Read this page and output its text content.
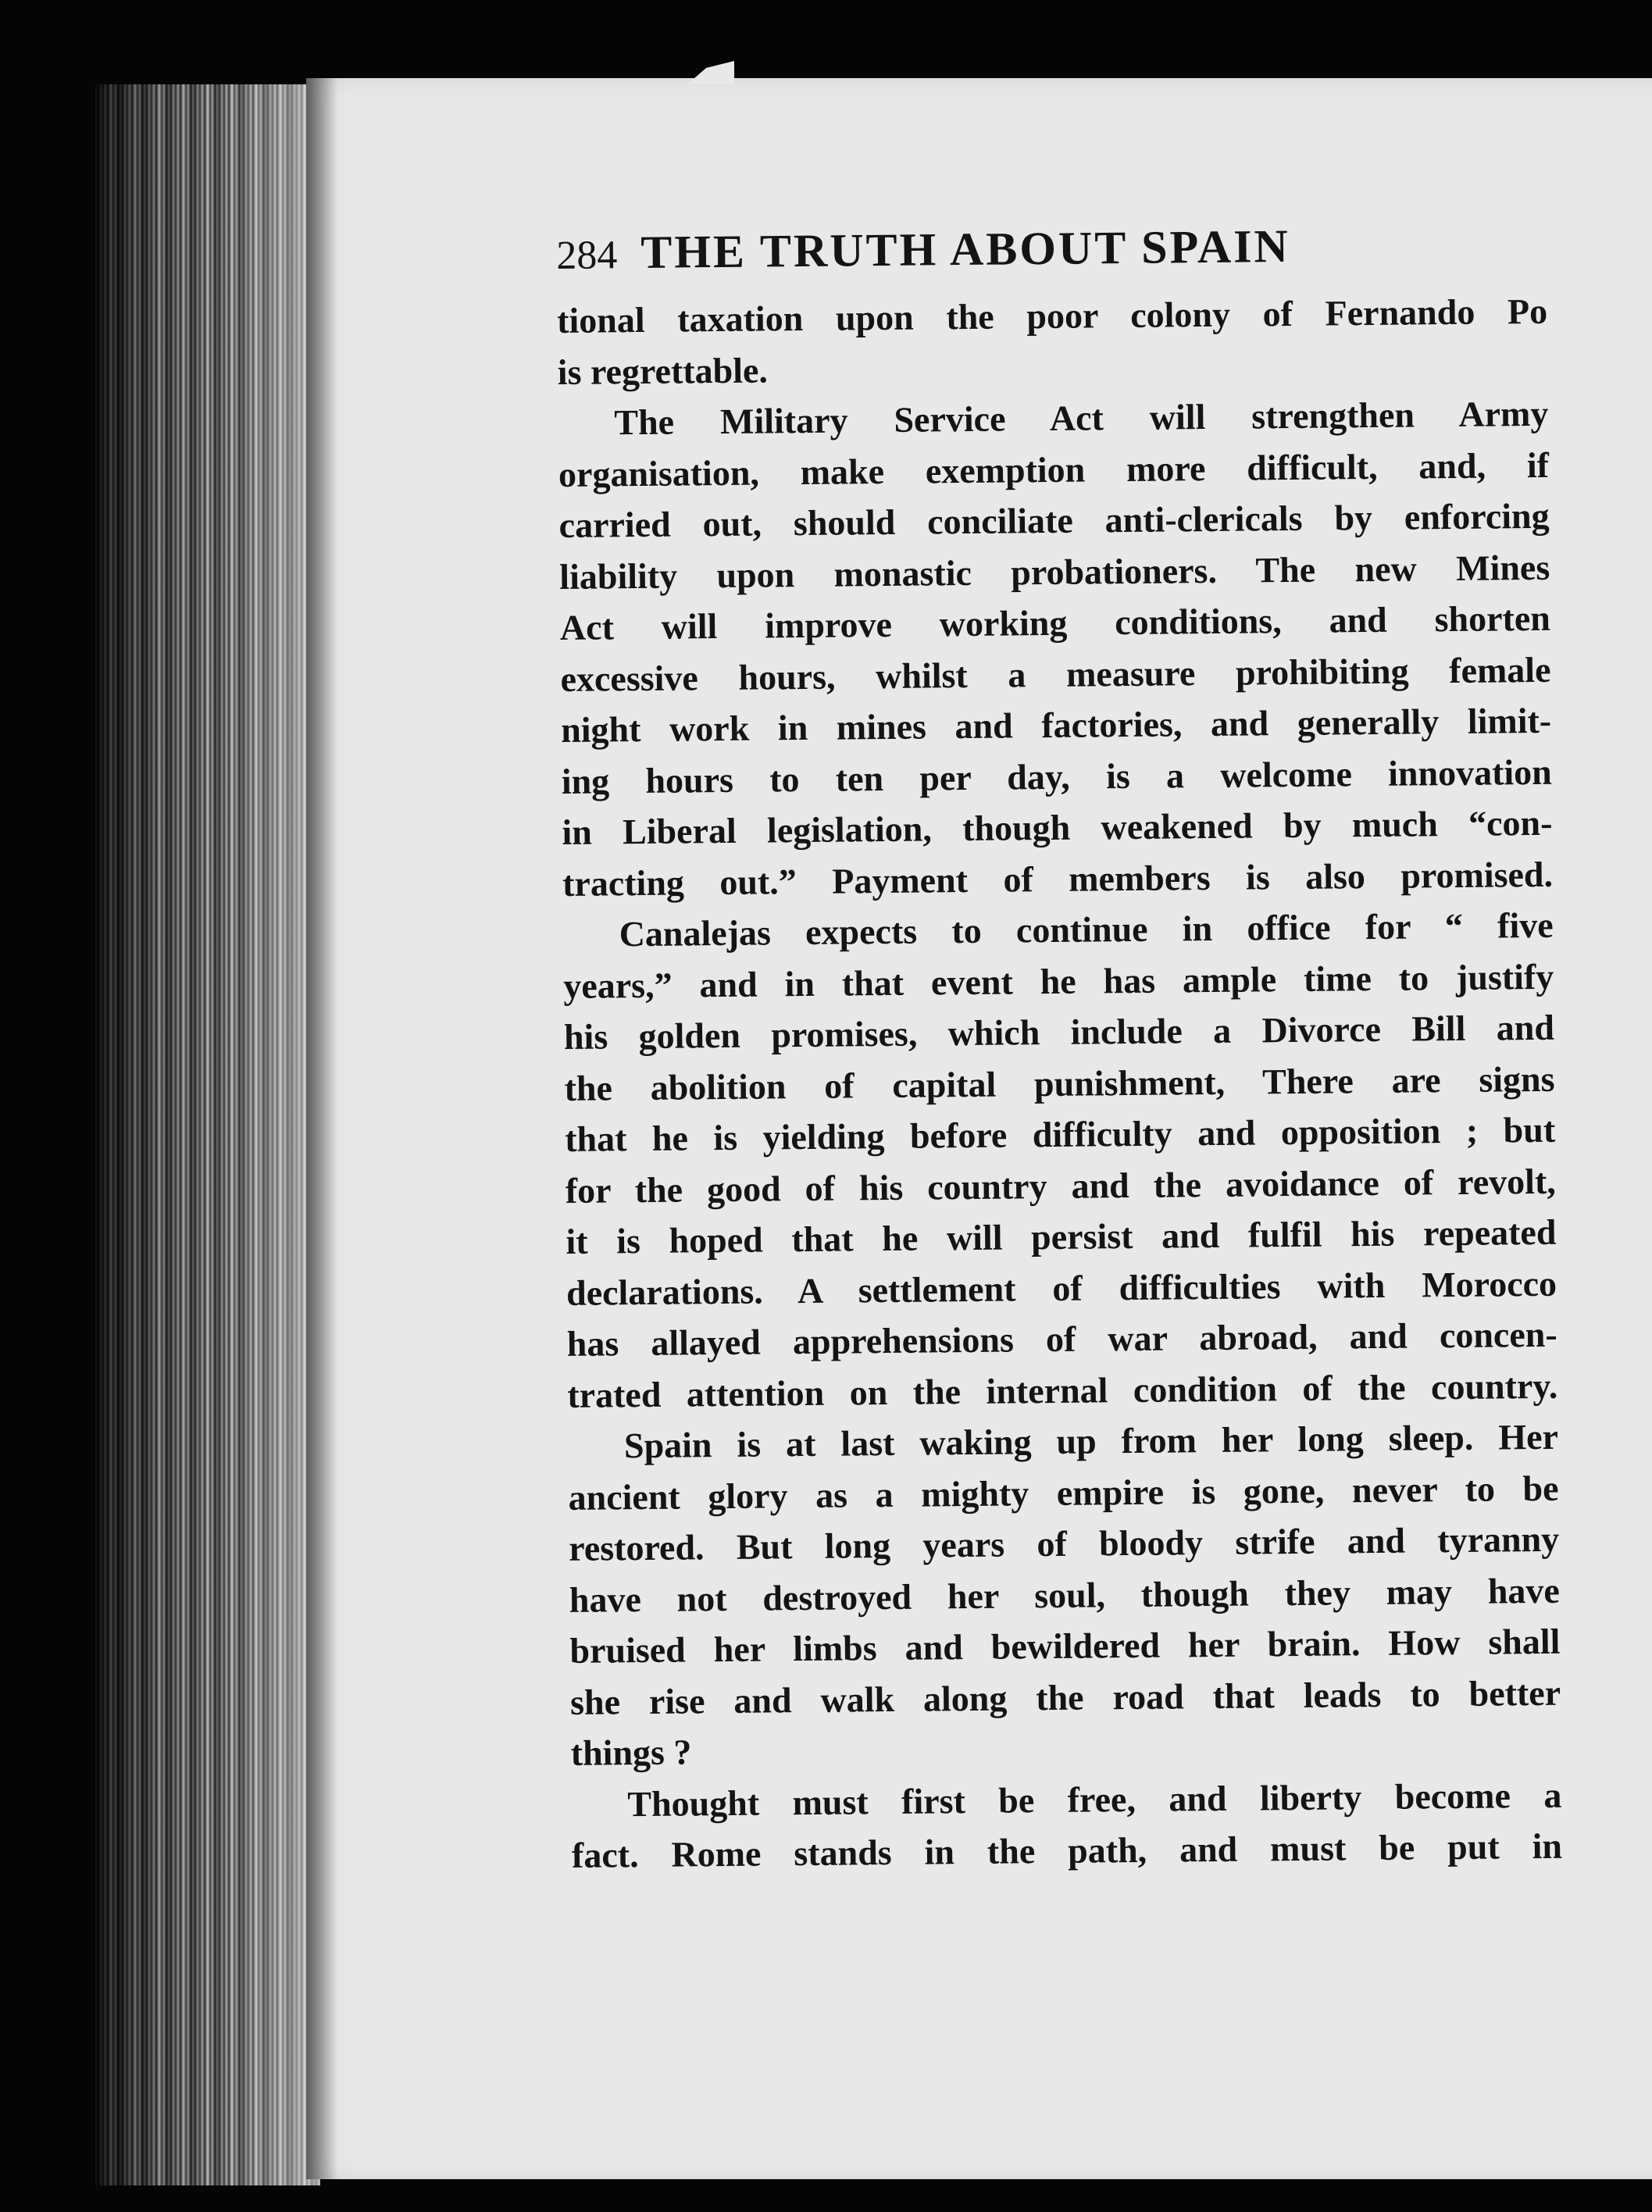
284 THE TRUTH ABOUT SPAIN
tional taxation upon the poor colony of Fernando Po
is regrettable.
The Military Service Act will strengthen Army
organisation, make exemption more difficult, and, if
carried out, should conciliate anti-clericals by enforcing
liability upon monastic probationers. The new Mines
Act will improve working conditions, and shorten
excessive hours, whilst a measure prohibiting female
night work in mines and factories, and generally limit-
ing hours to ten per day, is a welcome innovation
in Liberal legislation, though weakened by much “con-
tracting out.” Payment of members is also promised.
Canalejas expects to continue in office for “ five
years,” and in that event he has ample time to justify
his golden promises, which include a Divorce Bill and
the abolition of capital punishment, There are signs
that he is yielding before difficulty and opposition ; but
for the good of his country and the avoidance of revolt,
it is hoped that he will persist and fulfil his repeated
declarations. A settlement of difficulties with Morocco
has allayed apprehensions of war abroad, and concen-
trated attention on the internal condition of the country.
Spain is at last waking up from her long sleep. Her
ancient glory as a mighty empire is gone, never to be
restored. But long years of bloody strife and tyranny
have not destroyed her soul, though they may have
bruised her limbs and bewildered her brain. How shall
she rise and walk along the road that leads to better
things ?
Thought must first be free, and liberty become a
fact. Rome stands in the path, and must be put in
